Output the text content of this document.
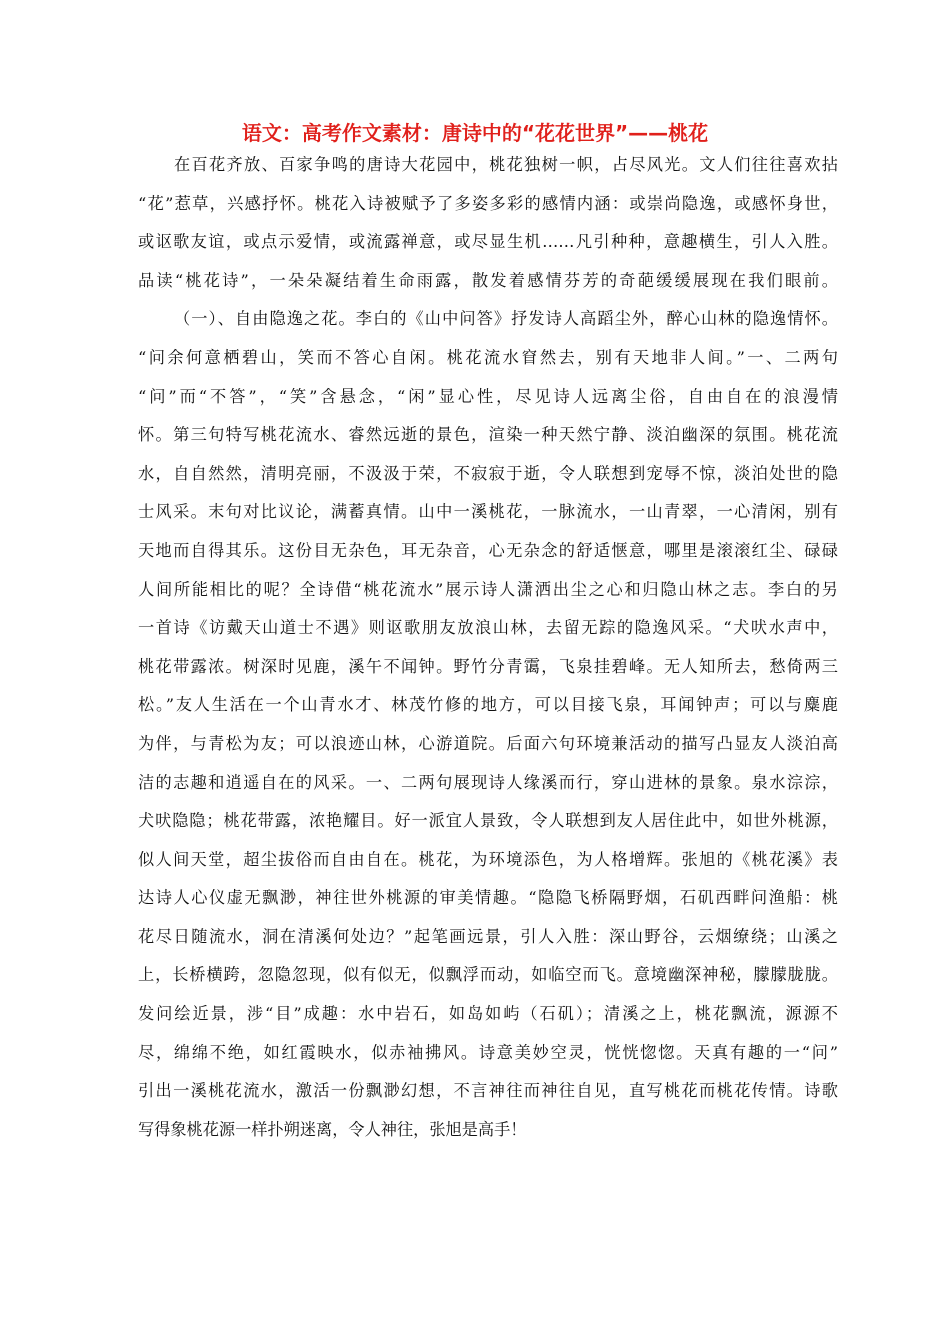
语文：高考作文素材：唐诗中的“花花世界”——桃花
在百花齐放、百家争鸣的唐诗大花园中，桃花独树一帜，占尽风光。文人们往往喜欢拈
“花”惹草，兴感抒怀。桃花入诗被赋予了多姿多彩的感情内涵：或崇尚隐逸，或感怀身世，
或讴歌友谊，或点示爱情，或流露禅意，或尽显生机……凡引种种，意趣横生，引人入胜。
品读“桃花诗”，一朵朵凝结着生命雨露，散发着感情芬芳的奇葩缓缓展现在我们眼前。
（一）、自由隐逸之花。李白的《山中问答》抒发诗人高蹈尘外，醉心山林的隐逸情怀。
“问余何意栖碧山，笑而不答心自闲。桃花流水窅然去，别有天地非人间。”一、二两句
“问”而“不答”，“笑”含悬念，“闲”显心性，尽见诗人远离尘俗，自由自在的浪漫情
怀。第三句特写桃花流水、睿然远逝的景色，渲染一种天然宁静、淡泊幽深的氛围。桃花流
水，自自然然，清明亮丽，不汲汲于荣，不寂寂于逝，令人联想到宠辱不惊，淡泊处世的隐
士风采。末句对比议论，满蓄真情。山中一溪桃花，一脉流水，一山青翠，一心清闲，别有
天地而自得其乐。这份目无杂色，耳无杂音，心无杂念的舒适惬意，哪里是滚滚红尘、碌碌
人间所能相比的呢？全诗借“桃花流水”展示诗人潇洒出尘之心和归隐山林之志。李白的另
一首诗《访戴天山道士不遇》则讴歌朋友放浪山林，去留无踪的隐逸风采。“犬吠水声中，
桃花带露浓。树深时见鹿，溪午不闻钟。野竹分青霭，飞泉挂碧峰。无人知所去，愁倚两三
松。”友人生活在一个山青水才、林茂竹修的地方，可以目接飞泉，耳闻钟声；可以与麋鹿
为伴，与青松为友；可以浪迹山林，心游道院。后面六句环境兼活动的描写凸显友人淡泊高
洁的志趣和逍遥自在的风采。一、二两句展现诗人缘溪而行，穿山进林的景象。泉水淙淙，
犬吠隐隐；桃花带露，浓艳耀目。好一派宜人景致，令人联想到友人居住此中，如世外桃源，
似人间天堂，超尘拔俗而自由自在。桃花，为环境添色，为人格增辉。张旭的《桃花溪》表
达诗人心仪虚无飘渺，神往世外桃源的审美情趣。“隐隐飞桥隔野烟，石矶西畔问渔船：桃
花尽日随流水，洞在清溪何处边？”起笔画远景，引人入胜：深山野谷，云烟缭绕；山溪之
上，长桥横跨，忽隐忽现，似有似无，似飘浮而动，如临空而飞。意境幽深神秘，朦朦胧胧。
发问绘近景，涉“目”成趣：水中岩石，如岛如屿（石矶）；清溪之上，桃花飘流，源源不
尽，绵绵不绝，如红霞映水，似赤袖拂风。诗意美妙空灵，恍恍惚惚。天真有趣的一“问”
引出一溪桃花流水，激活一份飘渺幻想，不言神往而神往自见，直写桃花而桃花传情。诗歌
写得象桃花源一样扑朔迷离，令人神往，张旭是高手！
